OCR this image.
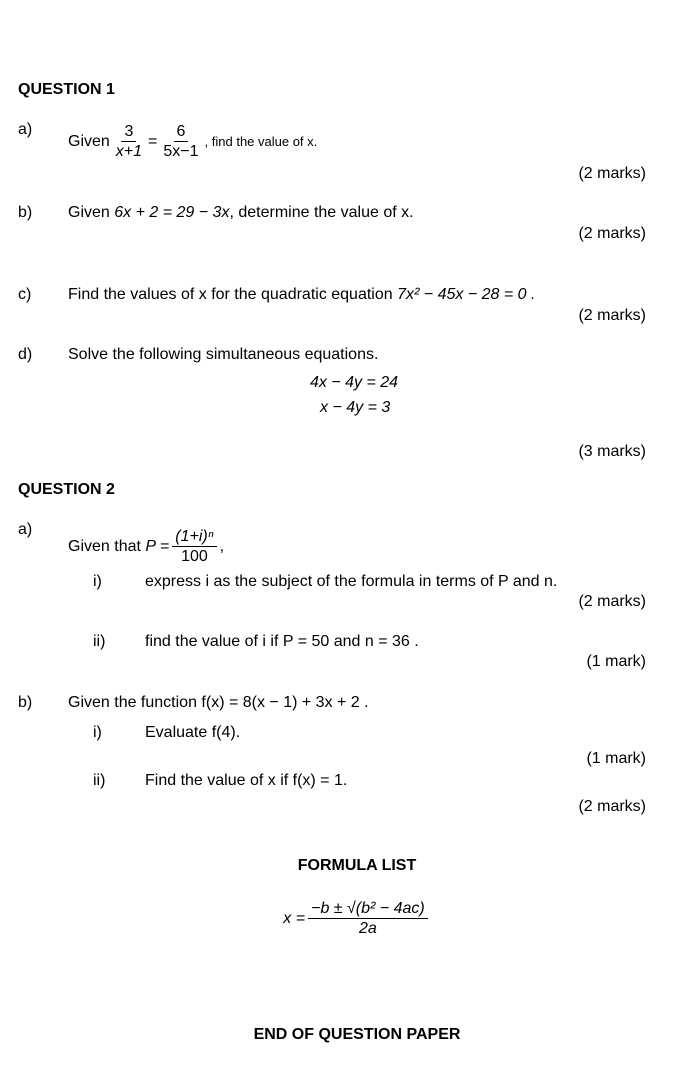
QUESTION 1
a)
Given $\frac{3}{x+1} = \frac{6}{5x-1}$ , find the value of x.
(2 marks)
b) Given 6x + 2 = 29 − 3x, determine the value of x.
(2 marks)
c) Find the values of x for the quadratic equation 7x² − 45x − 28 = 0 .
(2 marks)
d) Solve the following simultaneous equations.
4x − 4y = 24
x − 4y = 3
(3 marks)
QUESTION 2
a)
Given that
$P = \frac{\text{(1+i)ⁿ}}{100}$ ,
i)	express i as the subject of the formula in terms of P and n.
(2 marks)
ii) find the value of i if P = 50 and n = 36 .
(1 mark)
b) Given the function f(x) = 8(x − 1) + 3x + 2 .
i)	Evaluate f(4).
(1 mark)
ii) Find the value of x if f(x) = 1.
(2 marks)
FORMULA LIST
$x = \frac{\text{−b ± √(b² − 4ac)}}{2a}$
END OF QUESTION PAPER
